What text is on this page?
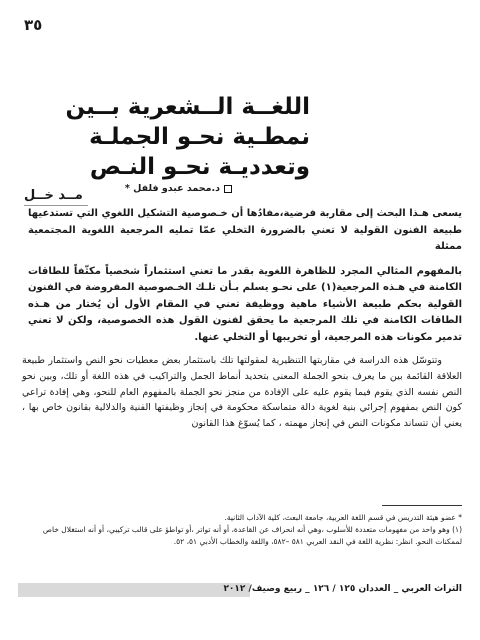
٣٥
اللغــة الــشعرية بــين
نمطـية نحـو الجملـة
وتعدديـة نحـو النـص
د.محمد عبدو فلفل *
مــد خــل

يسعى هـذا البحث إلى مقاربة فرضية،مفادُها أن خـصوصية التشكيل اللغوي التي تستدعيها طبيعة الفنون القولية لا تعني بالضرورة التخلي عمّا تمليه المرجعية اللغوية المجتمعية ممثلة

بالمفهوم المثالي المجرد للظاهرة اللغوية بقدر ما تعني استثماراً شخصياً مكثّفاً للطاقات الكامنة في هـذه المرجعية(١) على نحـو يسلم بـأن تلـك الخـصوصية المفروضة في الفنون القولية بحكم طبيعة الأشياء ماهية ووظيفة تعني في المقام الأول أن يُختار من هـذه الطاقات الكامنة في تلك المرجعية ما يحقق لفنون القول هذه الخصوصية، ولكن لا تعني تدمير مكونات هذه المرجعية، أو تخريبها أو التخلي عنها.

وتتوسّل هذه الدراسة في مقاربتها التنظيرية لمقولتها تلك باستثمار بعض معطيات نحو النص واستثمار طبيعة العلاقة القائمة بين ما يعرف بنحو الجملة المعنى بتحديد أنماط الجمل والتراكيب في هذه اللغة أو تلك، وبين نحو النص نفسه الذي يقوم فيما يقوم عليه على الإفادة من منجز نحو الجملة بالمفهوم العام للنحو، وهي إفادة تراعي كون النص بمفهوم إجرائي بنية لغوية دالة متماسكة محكومة في إنجاز وظيفتها الفنية والدلالية بقانون خاص بها ، يعني أن تتساند مكونات النص في إنجاز مهمته ، كما يُسوّغ هذا القانون

* عضو هيئة التدريس في قسم اللغة العربية، جامعة البعث، كلية الآداب الثانية.

(١) وهو واحد من مفهومات متعددة للأسلوب ،وهي أنه انحراف عن القاعدة، أو أنه تواتر ،أو تواطؤ على قالب تركيبي، أو أنه استغلال خاص لممكنات النحو. انظر: نظرية اللغة في النقد العربي ٥٨١ –٥٨٢، واللغة والخطاب الأدبي ٥١، ٥٢.

التراث العربي _ العددان ١٢٥ / ١٢٦ _ ربيع وصيف/ ٢٠١٢
